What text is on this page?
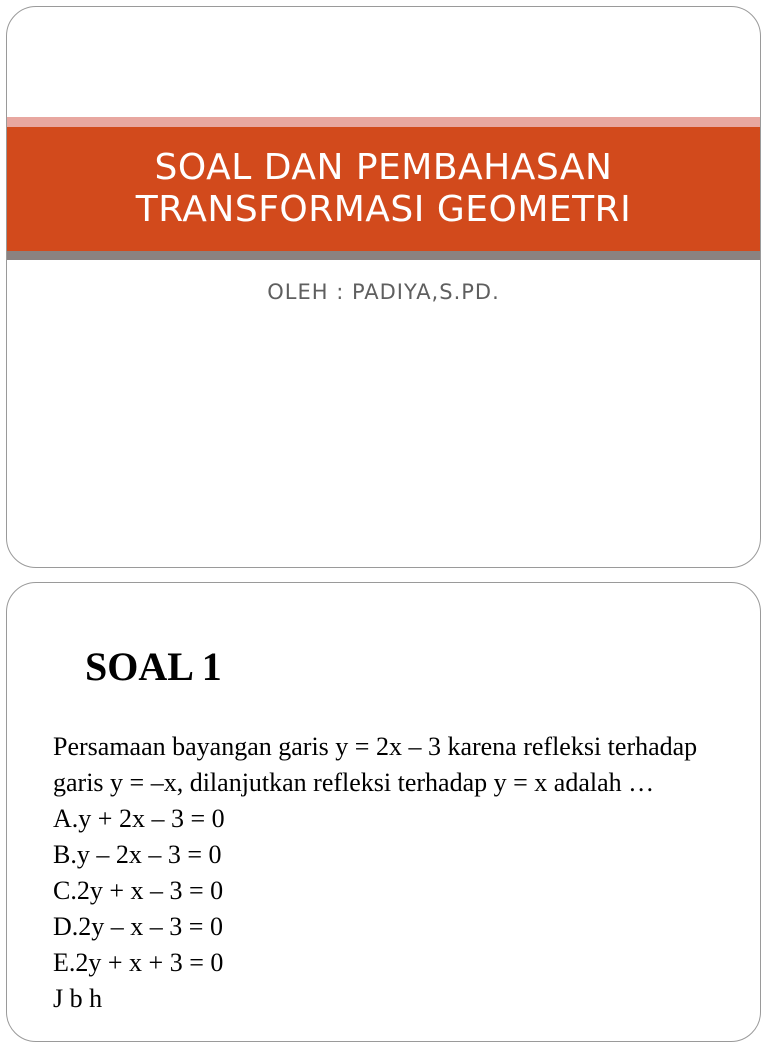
SOAL DAN PEMBAHASAN
TRANSFORMASI GEOMETRI
OLEH : PADIYA,S.PD.
SOAL 1

Persamaan bayangan garis y = 2x – 3 karena refleksi terhadap garis y = –x, dilanjutkan refleksi terhadap y = x adalah …

A.y + 2x – 3 = 0
B.y – 2x – 3 = 0
C.2y + x – 3 = 0
D.2y – x – 3 = 0
E.2y + x + 3 = 0
J b h
